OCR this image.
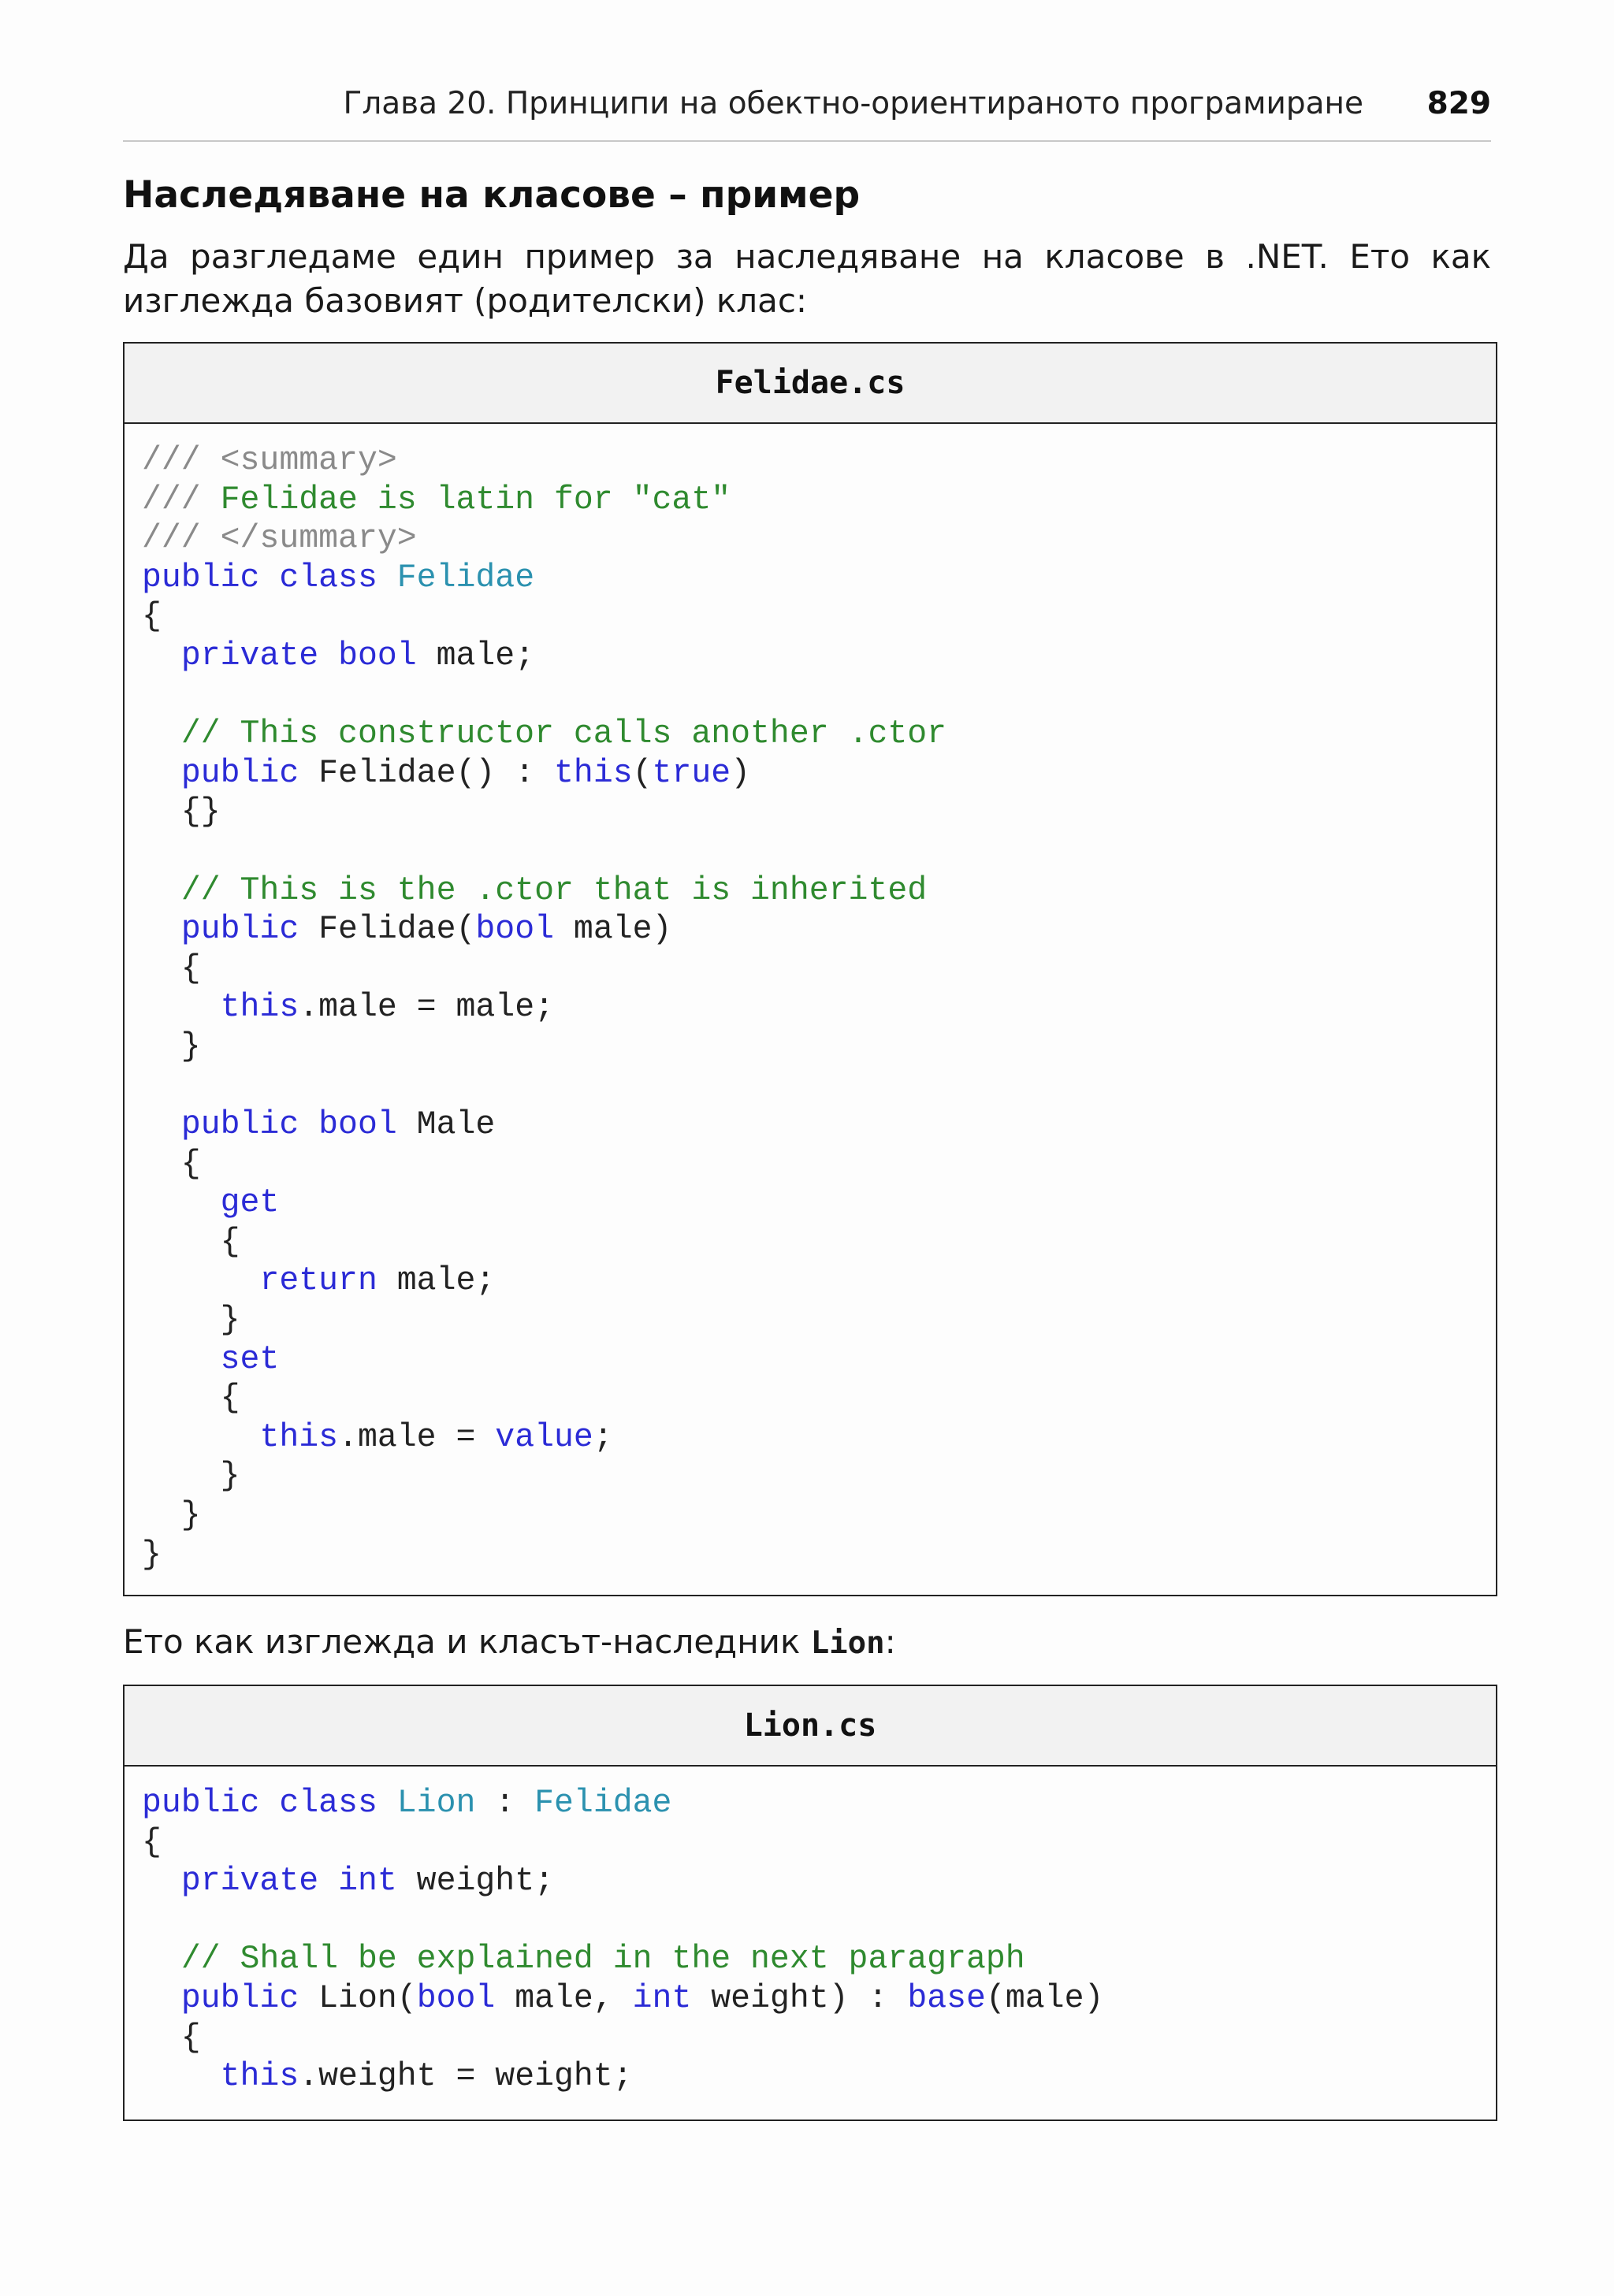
Глава 20. Принципи на обектно-ориентираното програмиране 829
Наследяване на класове – пример

Да разгледаме един пример за наследяване на класове в .NET. Ето как изглежда базовият (родителски) клас:

Felidae.cs
/// <summary>
/// Felidae is latin for "cat"
/// </summary>
public class Felidae
{
private bool male;
// This constructor calls another .ctor
public Felidae() : this(true)
{}
// This is the .ctor that is inherited
public Felidae(bool male)
{
this.male = male;
}
public bool Male
{
get
{
return male;
}
set
{
this.male = value;
}
}
}

Ето как изглежда и класът-наследник Lion:

Lion.cs
public class Lion : Felidae
{
private int weight;
// Shall be explained in the next paragraph
public Lion(bool male, int weight) : base(male)
{
this.weight = weight;
